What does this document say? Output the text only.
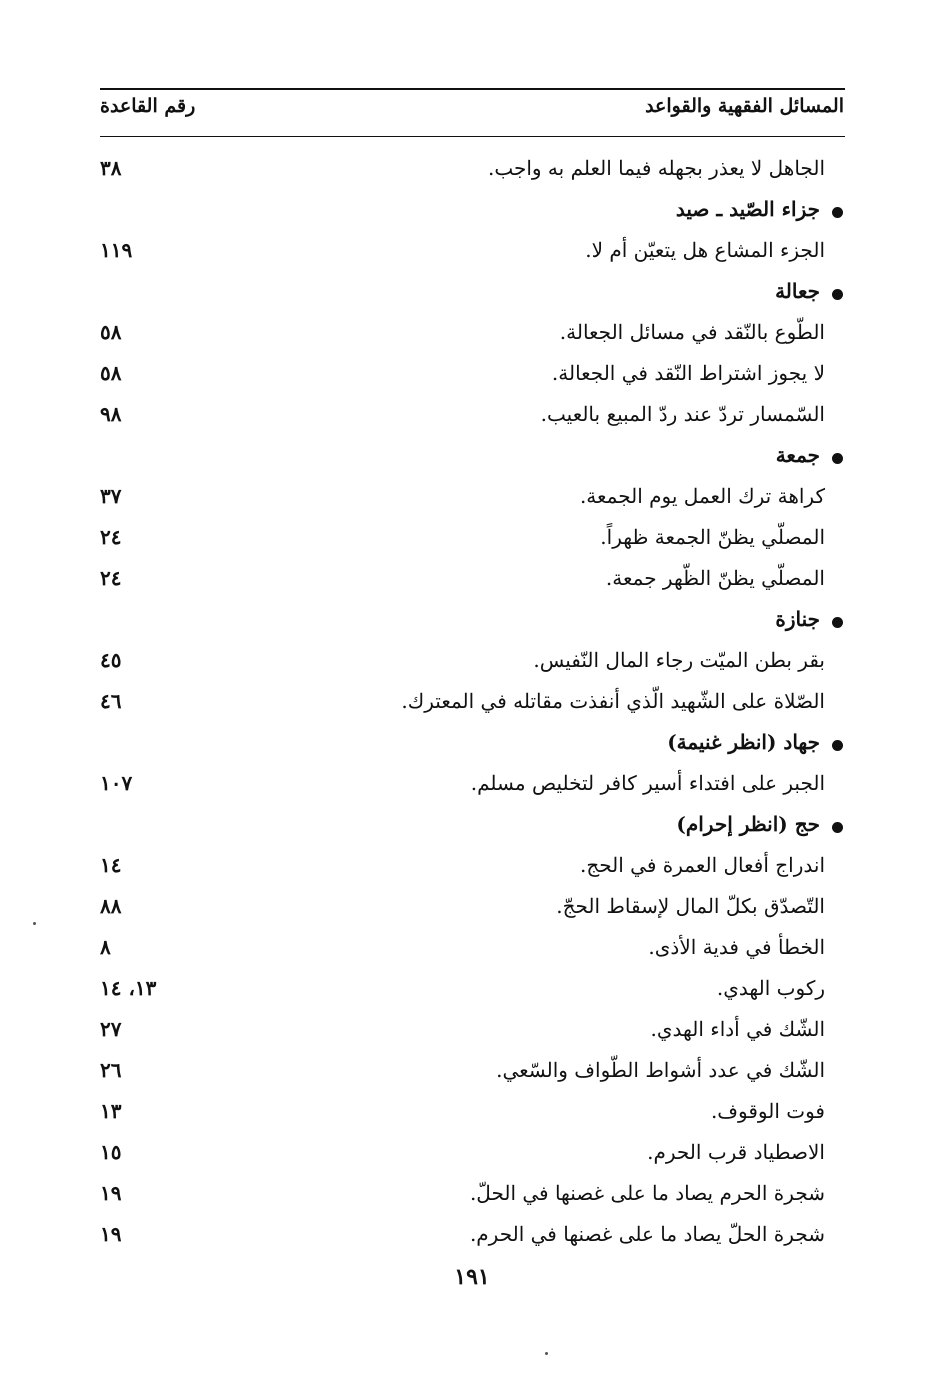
المسائل الفقهية والقواعد
رقم القاعدة
الجاهل لا يعذر بجهله فيما العلم به واجب.
٣٨
جزاء الصّيد ـ صيد
الجزء المشاع هل يتعيّن أم لا.
١١٩
جعالة
الطّوع بالنّقد في مسائل الجعالة.
٥٨
لا يجوز اشتراط النّقد في الجعالة.
٥٨
السّمسار تردّ عند ردّ المبيع بالعيب.
٩٨
جمعة
كراهة ترك العمل يوم الجمعة.
٣٧
المصلّي يظنّ الجمعة ظهراً.
٢٤
المصلّي يظنّ الظّهر جمعة.
٢٤
جنازة
بقر بطن الميّت رجاء المال النّفيس.
٤٥
الصّلاة على الشّهيد الّذي أنفذت مقاتله في المعترك.
٤٦
جهاد (انظر غنيمة)
الجبر على افتداء أسير كافر لتخليص مسلم.
١٠٧
حج (انظر إحرام)
اندراج أفعال العمرة في الحج.
١٤
التّصدّق بكلّ المال لإسقاط الحجّ.
٨٨
الخطأ في فدية الأذى.
٨
ركوب الهدي.
١٣، ١٤
الشّك في أداء الهدي.
٢٧
الشّك في عدد أشواط الطّواف والسّعي.
٢٦
فوت الوقوف.
١٣
الاصطياد قرب الحرم.
١٥
شجرة الحرم يصاد ما على غصنها في الحلّ.
١٩
شجرة الحلّ يصاد ما على غصنها في الحرم.
١٩
١٩١
